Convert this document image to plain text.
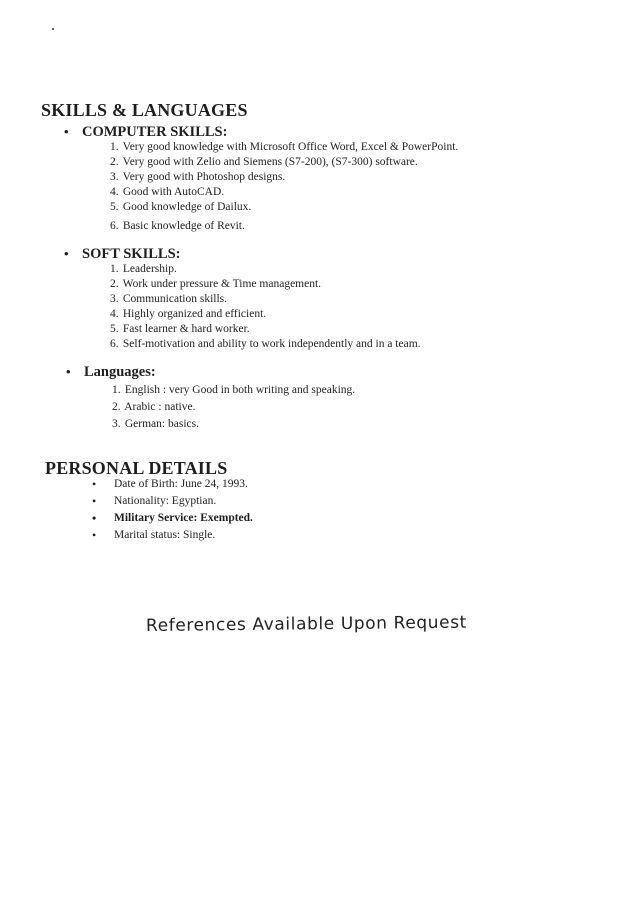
SKILLS & LANGUAGES
• COMPUTER SKILLS:
1. Very good knowledge with Microsoft Office Word, Excel & PowerPoint.
2. Very good with Zelio and Siemens (S7-200), (S7-300) software.
3. Very good with Photoshop designs.
4. Good with AutoCAD.
5. Good knowledge of Dailux.
6. Basic knowledge of Revit.
• SOFT SKILLS:
1. Leadership.
2. Work under pressure & Time management.
3. Communication skills.
4. Highly organized and efficient.
5. Fast learner & hard worker.
6. Self-motivation and ability to work independently and in a team.
• Languages:
1. English : very Good in both writing and speaking.
2. Arabic : native.
3. German: basics.
PERSONAL DETAILS
• Date of Birth: June 24, 1993.
• Nationality: Egyptian.
• Military Service: Exempted.
• Marital status: Single.
References Available Upon Request
